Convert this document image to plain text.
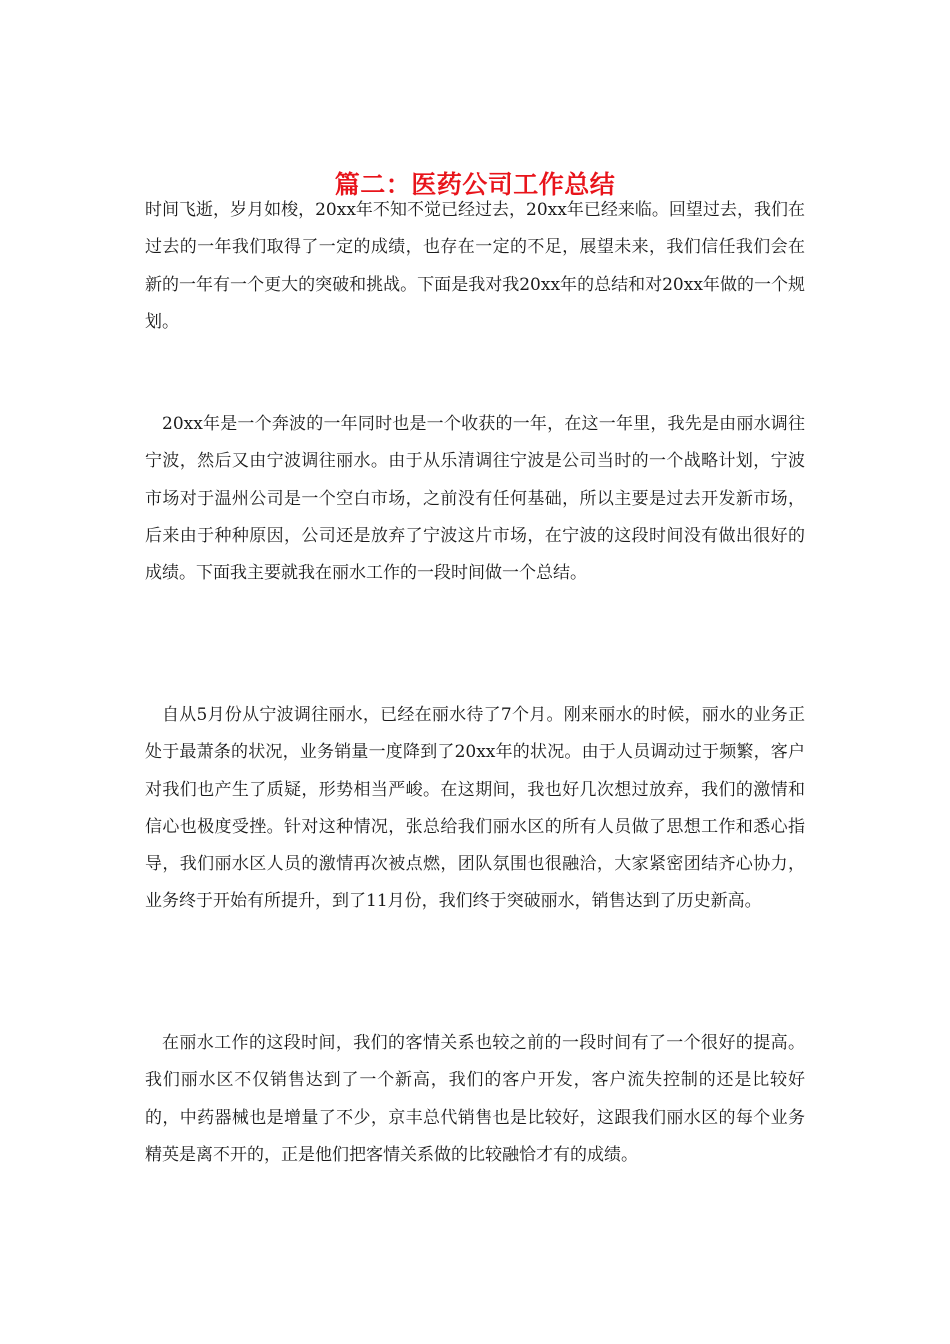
篇二：医药公司工作总结

时间飞逝，岁月如梭，20xx年不知不觉已经过去，20xx年已经来临。回望过去，我们在过去的一年我们取得了一定的成绩，也存在一定的不足，展望未来，我们信任我们会在新的一年有一个更大的突破和挑战。下面是我对我20xx年的总结和对20xx年做的一个规划。

20xx年是一个奔波的一年同时也是一个收获的一年，在这一年里，我先是由丽水调往宁波，然后又由宁波调往丽水。由于从乐清调往宁波是公司当时的一个战略计划，宁波市场对于温州公司是一个空白市场，之前没有任何基础，所以主要是过去开发新市场，后来由于种种原因，公司还是放弃了宁波这片市场，在宁波的这段时间没有做出很好的成绩。下面我主要就我在丽水工作的一段时间做一个总结。

自从5月份从宁波调往丽水，已经在丽水待了7个月。刚来丽水的时候，丽水的业务正处于最萧条的状况，业务销量一度降到了20xx年的状况。由于人员调动过于频繁，客户对我们也产生了质疑，形势相当严峻。在这期间，我也好几次想过放弃，我们的激情和信心也极度受挫。针对这种情况，张总给我们丽水区的所有人员做了思想工作和悉心指导，我们丽水区人员的激情再次被点燃，团队氛围也很融洽，大家紧密团结齐心协力，业务终于开始有所提升，到了11月份，我们终于突破丽水，销售达到了历史新高。

在丽水工作的这段时间，我们的客情关系也较之前的一段时间有了一个很好的提高。我们丽水区不仅销售达到了一个新高，我们的客户开发，客户流失控制的还是比较好的，中药器械也是增量了不少，京丰总代销售也是比较好，这跟我们丽水区的每个业务精英是离不开的，正是他们把客情关系做的比较融恰才有的成绩。
